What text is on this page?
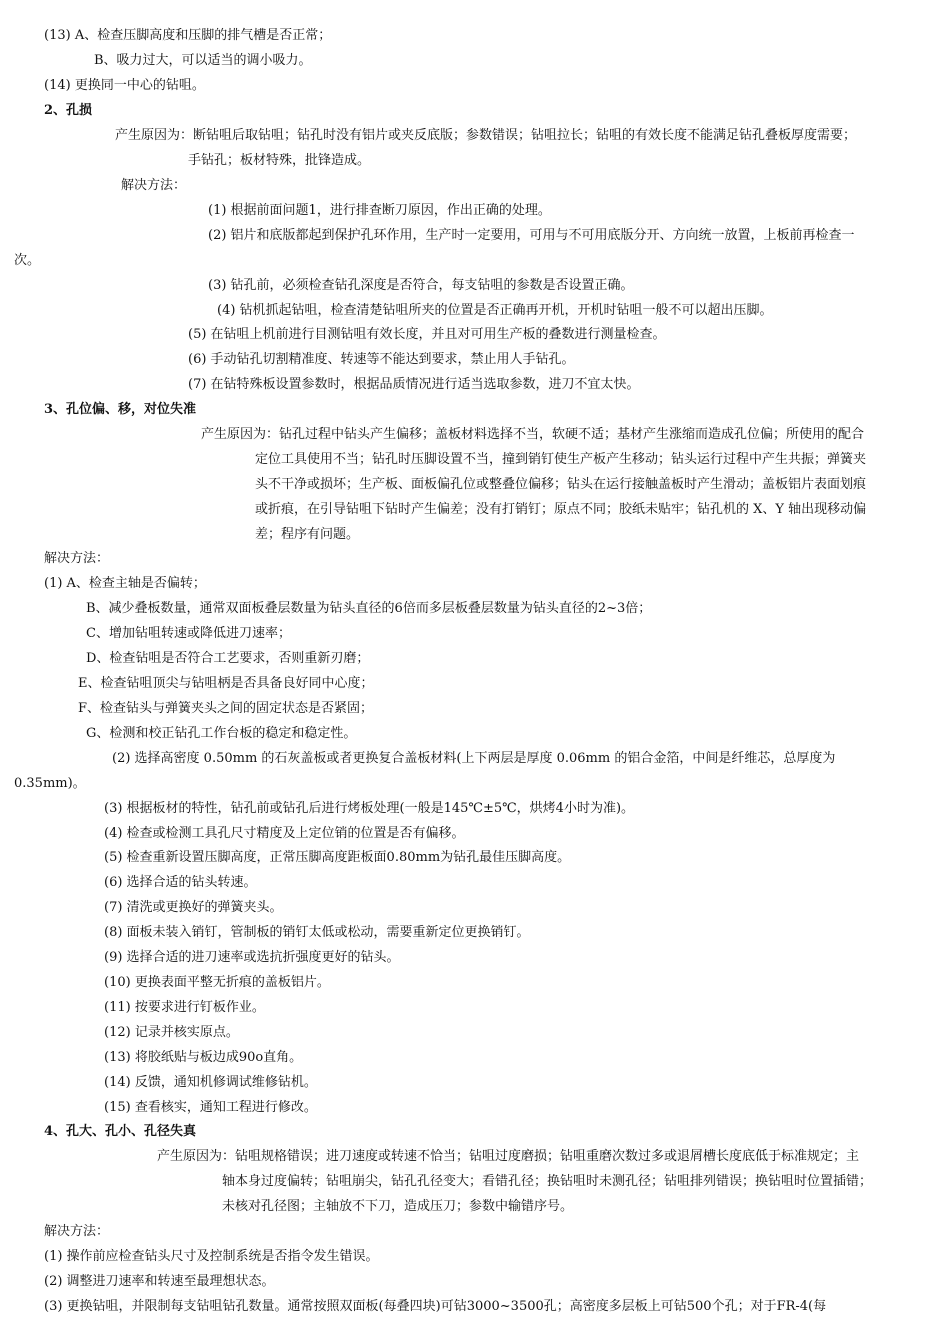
(13) A、检查压脚高度和压脚的排气槽是否正常；
B、吸力过大，可以适当的调小吸力。
(14) 更换同一中心的钻咀。
2、孔损
产生原因为：断钻咀后取钻咀；钻孔时没有铝片或夹反底版；参数错误；钻咀拉长；钻咀的有效长度不能满足钻孔叠板厚度需要；
手钻孔；板材特殊，批锋造成。
解决方法：
(1) 根据前面问题1，进行排查断刀原因，作出正确的处理。
(2) 铝片和底版都起到保护孔环作用，生产时一定要用，可用与不可用底版分开、方向统一放置，上板前再检查一
次。
(3) 钻孔前，必须检查钻孔深度是否符合，每支钻咀的参数是否设置正确。
(4) 钻机抓起钻咀，检查清楚钻咀所夹的位置是否正确再开机，开机时钻咀一般不可以超出压脚。
(5) 在钻咀上机前进行目测钻咀有效长度，并且对可用生产板的叠数进行测量检查。
(6) 手动钻孔切割精准度、转速等不能达到要求，禁止用人手钻孔。
(7) 在钻特殊板设置参数时，根据品质情况进行适当选取参数，进刀不宜太快。
3、孔位偏、移，对位失准
产生原因为：钻孔过程中钻头产生偏移；盖板材料选择不当，软硬不适；基材产生涨缩而造成孔位偏；所使用的配合
定位工具使用不当；钻孔时压脚设置不当，撞到销钉使生产板产生移动；钻头运行过程中产生共振；弹簧夹
头不干净或损坏；生产板、面板偏孔位或整叠位偏移；钻头在运行接触盖板时产生滑动；盖板铝片表面划痕
或折痕，在引导钻咀下钻时产生偏差；没有打销钉；原点不同；胶纸未贴牢；钻孔机的 X、Y 轴出现移动偏
差；程序有问题。
解决方法：
(1) A、检查主轴是否偏转；
B、减少叠板数量，通常双面板叠层数量为钻头直径的6倍而多层板叠层数量为钻头直径的2~3倍；
C、增加钻咀转速或降低进刀速率；
D、检查钻咀是否符合工艺要求，否则重新刃磨；
E、检查钻咀顶尖与钻咀柄是否具备良好同中心度；
F、检查钻头与弹簧夹头之间的固定状态是否紧固；
G、检测和校正钻孔工作台板的稳定和稳定性。
(2) 选择高密度 0.50mm 的石灰盖板或者更换复合盖板材料(上下两层是厚度 0.06mm 的铝合金箔，中间是纤维芯，总厚度为
0.35mm)。
(3) 根据板材的特性，钻孔前或钻孔后进行烤板处理(一般是145℃±5℃，烘烤4小时为准)。
(4) 检查或检测工具孔尺寸精度及上定位销的位置是否有偏移。
(5) 检查重新设置压脚高度，正常压脚高度距板面0.80mm为钻孔最佳压脚高度。
(6) 选择合适的钻头转速。
(7) 清洗或更换好的弹簧夹头。
(8) 面板未装入销钉，管制板的销钉太低或松动，需要重新定位更换销钉。
(9) 选择合适的进刀速率或选抗折强度更好的钻头。
(10) 更换表面平整无折痕的盖板铝片。
(11) 按要求进行钉板作业。
(12) 记录并核实原点。
(13) 将胶纸贴与板边成90o直角。
(14) 反馈，通知机修调试维修钻机。
(15) 查看核实，通知工程进行修改。
4、孔大、孔小、孔径失真
产生原因为：钻咀规格错误；进刀速度或转速不恰当；钻咀过度磨损；钻咀重磨次数过多或退屑槽长度底低于标准规定；主
轴本身过度偏转；钻咀崩尖，钻孔孔径变大；看错孔径；换钻咀时未测孔径；钻咀排列错误；换钻咀时位置插错；
未核对孔径图；主轴放不下刀，造成压刀；参数中输错序号。
解决方法：
(1) 操作前应检查钻头尺寸及控制系统是否指令发生错误。
(2) 调整进刀速率和转速至最理想状态。
(3) 更换钻咀，并限制每支钻咀钻孔数量。通常按照双面板(每叠四块)可钻3000~3500孔；高密度多层板上可钻500个孔；对于FR-4(每
